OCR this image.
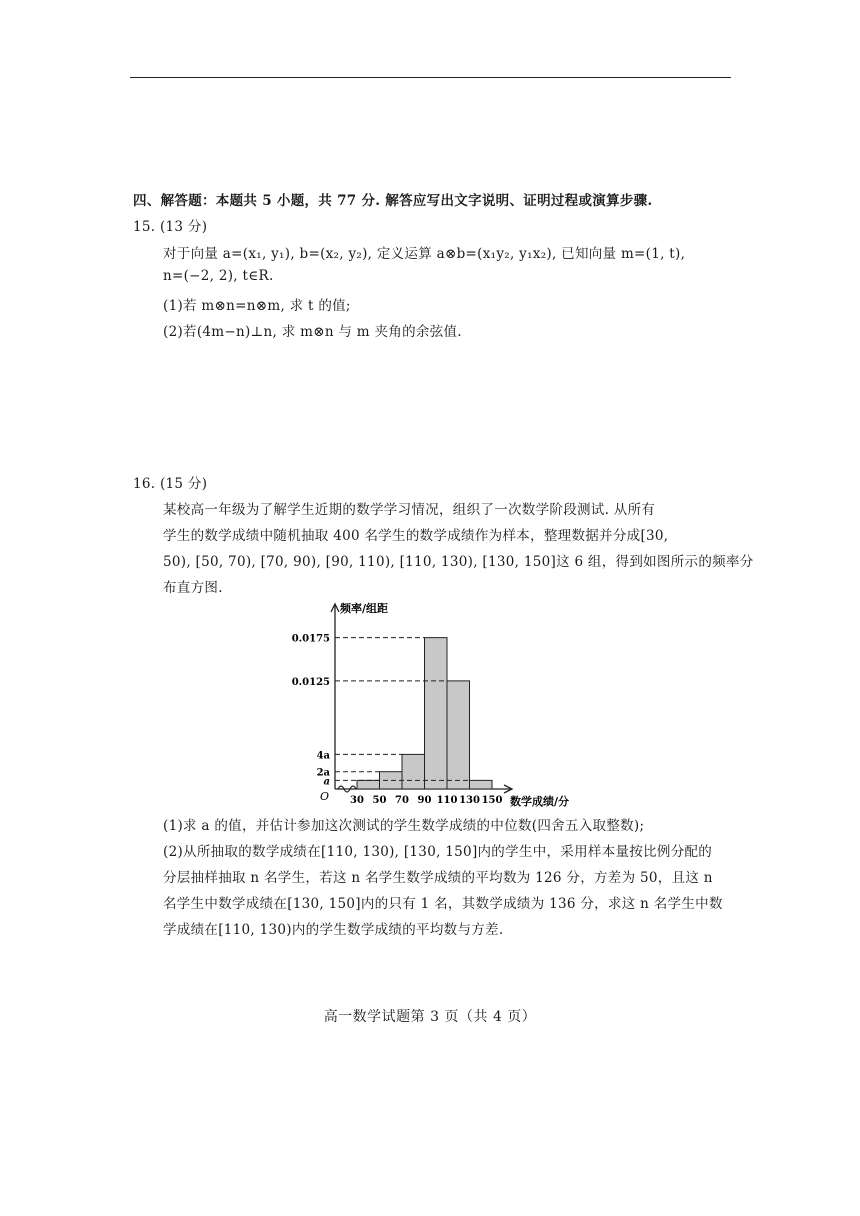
四、解答题：本题共 5 小题，共 77 分. 解答应写出文字说明、证明过程或演算步骤.
15. (13 分)
对于向量 a=(x₁, y₁), b=(x₂, y₂), 定义运算 a⊗b=(x₁y₂, y₁x₂), 已知向量 m=(1, t),
n=(−2, 2), t∈R.
(1)若 m⊗n=n⊗m, 求 t 的值;
(2)若(4m−n)⊥n, 求 m⊗n 与 m 夹角的余弦值.
16. (15 分)
某校高一年级为了解学生近期的数学学习情况，组织了一次数学阶段测试. 从所有
学生的数学成绩中随机抽取 400 名学生的数学成绩作为样本，整理数据并分成[30,
50), [50, 70), [70, 90), [90, 110), [110, 130), [130, 150]这 6 组，得到如图所示的频率分
布直方图.
a
2a
4a
0.0125
0.0175
30 50 70 90 110 130 150
O
频率/组距
数学成绩/分
(1)求 a 的值，并估计参加这次测试的学生数学成绩的中位数(四舍五入取整数);
(2)从所抽取的数学成绩在[110, 130), [130, 150]内的学生中，采用样本量按比例分配的
分层抽样抽取 n 名学生，若这 n 名学生数学成绩的平均数为 126 分，方差为 50，且这 n
名学生中数学成绩在[130, 150]内的只有 1 名，其数学成绩为 136 分，求这 n 名学生中数
学成绩在[110, 130)内的学生数学成绩的平均数与方差.
高一数学试题第 3 页（共 4 页）
